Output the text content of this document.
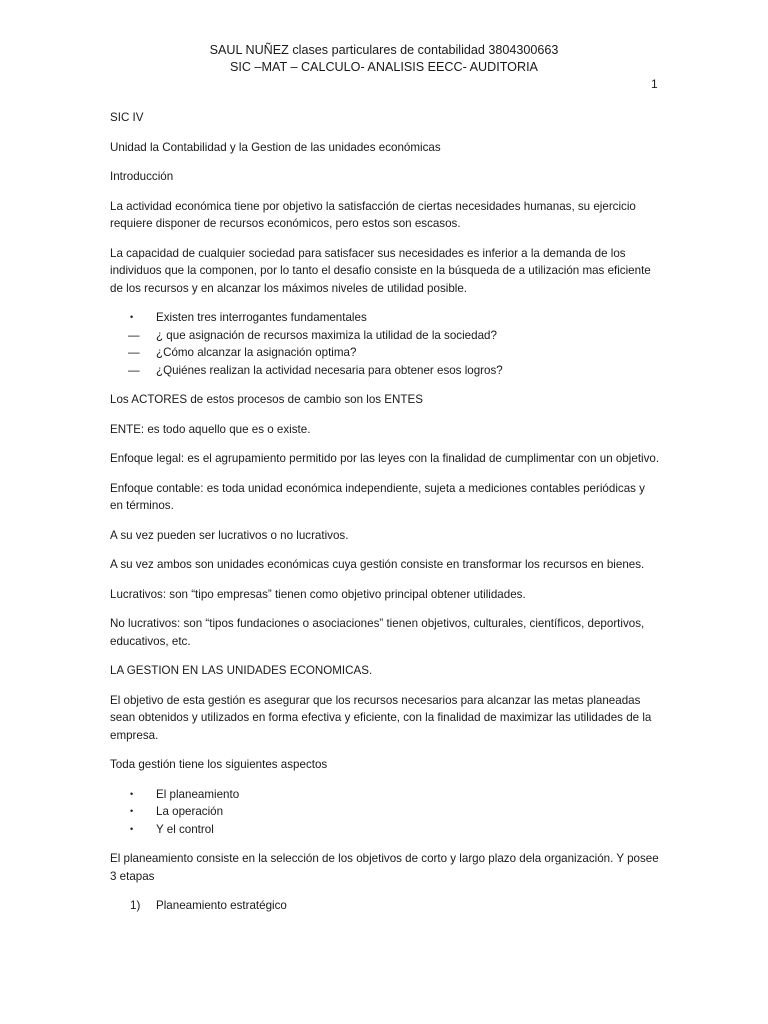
SAUL NUÑEZ clases particulares de contabilidad 3804300663
SIC –MAT – CALCULO- ANALISIS EECC- AUDITORIA
1

SIC IV

Unidad la Contabilidad y la Gestion de las unidades económicas

Introducción

La actividad económica tiene por objetivo la satisfacción de ciertas necesidades humanas, su ejercicio requiere disponer de recursos económicos, pero estos son escasos.

La capacidad de cualquier sociedad para satisfacer sus necesidades es inferior a la demanda de los individuos que la componen, por lo tanto el desafio consiste en la búsqueda de a utilización mas eficiente de los recursos y en alcanzar los máximos niveles de utilidad posible.

•	Existen tres interrogantes fundamentales
—	¿ que asignación de recursos maximiza la utilidad de la sociedad?
—	¿Cómo alcanzar la asignación optima?
—	¿Quiénes realizan la actividad necesaria para obtener esos logros?

Los ACTORES de estos procesos de cambio son los ENTES

ENTE: es todo aquello que es o existe.

Enfoque legal: es el agrupamiento permitido por las leyes con la finalidad de cumplimentar con un objetivo.

Enfoque contable: es toda unidad económica independiente, sujeta a mediciones contables periódicas y en términos.

A su vez pueden ser lucrativos o no lucrativos.

A su vez ambos son unidades económicas cuya gestión consiste en transformar los recursos en bienes.

Lucrativos: son “tipo empresas” tienen como objetivo principal obtener utilidades.

No lucrativos: son “tipos fundaciones o asociaciones” tienen objetivos, culturales, científicos, deportivos, educativos, etc.

LA GESTION EN LAS UNIDADES ECONOMICAS.

El objetivo de esta gestión es asegurar que los recursos necesarios para alcanzar las metas planeadas sean obtenidos y utilizados en forma efectiva y eficiente, con la finalidad de maximizar las utilidades de la empresa.

Toda gestión tiene los siguientes aspectos

•	El planeamiento
•	La operación
•	Y el control

El planeamiento consiste en la selección de los objetivos de corto y largo plazo dela organización. Y posee 3 etapas

1)	Planeamiento estratégico
